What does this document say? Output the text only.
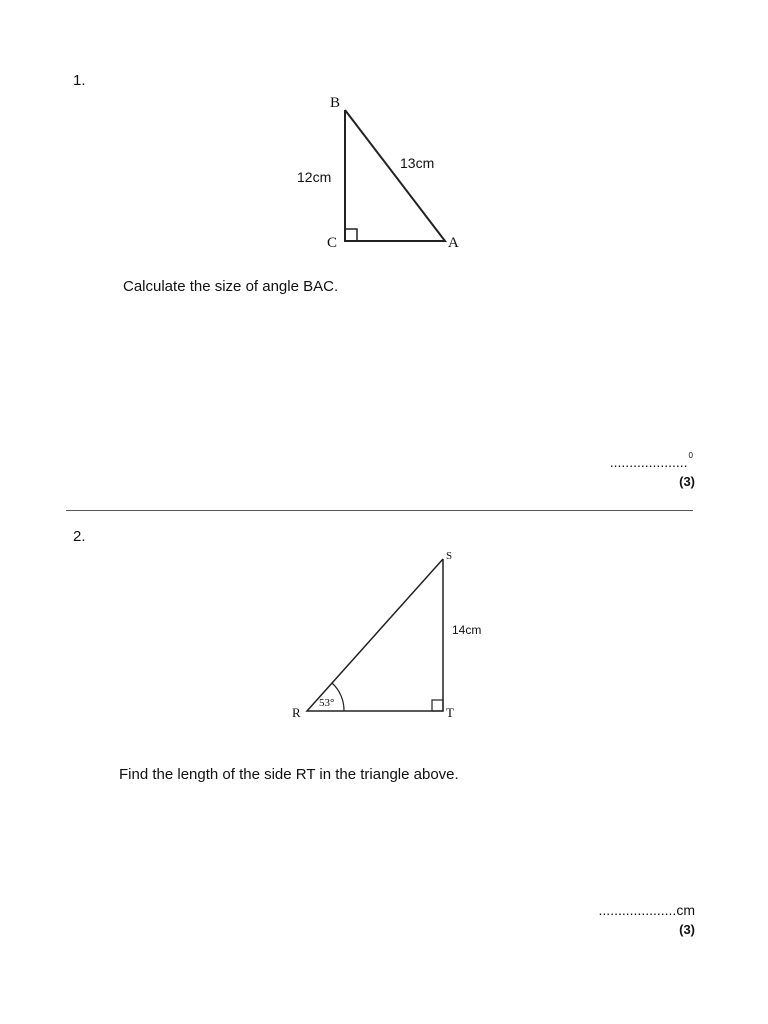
1.
B
C	A
12cm
13cm
Calculate the size of angle BAC.
....................$^0$
(3)
2.
S
R	T
14cm
53°
Find the length of the side RT in the triangle above.
....................cm
(3)
